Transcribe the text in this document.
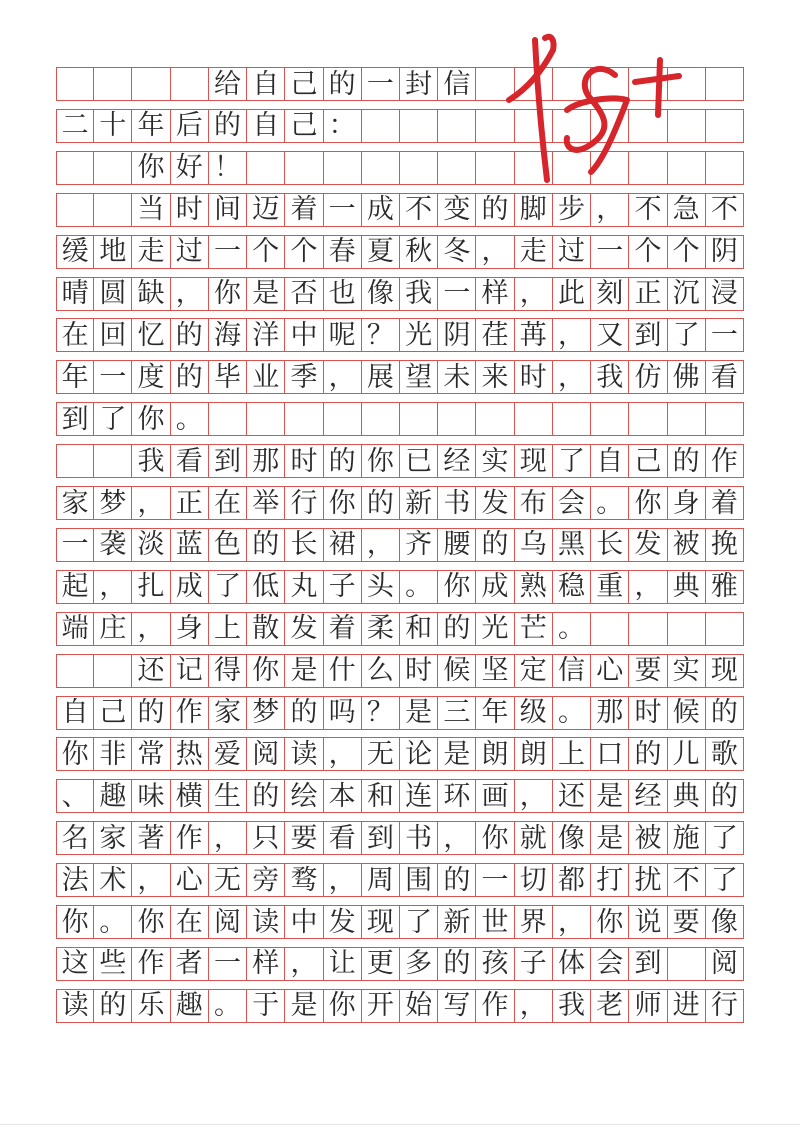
给 自 己 的 一 封 信
二 十 年 后 的 自 己 ：
你 好 ！
当 时 间 迈 着 一 成 不 变 的 脚 步 ， 不 急 不
缓 地 走 过 一 个 个 春 夏 秋 冬 ， 走 过 一 个 个 阴
晴 圆 缺 ， 你 是 否 也 像 我 一 样 ， 此 刻 正 沉 浸
在 回 忆 的 海 洋 中 呢 ？ 光 阴 荏 苒 ， 又 到 了 一
年 一 度 的 毕 业 季 ， 展 望 未 来 时 ， 我 仿 佛 看
到 了 你 。
我 看 到 那 时 的 你 已 经 实 现 了 自 己 的 作
家 梦 ， 正 在 举 行 你 的 新 书 发 布 会 。 你 身 着
一 袭 淡 蓝 色 的 长 裙 ， 齐 腰 的 乌 黑 长 发 被 挽
起 ， 扎 成 了 低 丸 子 头 。 你 成 熟 稳 重 ， 典 雅
端 庄 ， 身 上 散 发 着 柔 和 的 光 芒 。
还 记 得 你 是 什 么 时 候 坚 定 信 心 要 实 现
自 己 的 作 家 梦 的 吗 ？ 是 三 年 级 。 那 时 候 的
你 非 常 热 爱 阅 读 ， 无 论 是 朗 朗 上 口 的 儿 歌
、 趣 味 横 生 的 绘 本 和 连 环 画 ， 还 是 经 典 的
名 家 著 作 ， 只 要 看 到 书 ， 你 就 像 是 被 施 了
法 术 ， 心 无 旁 骛 ， 周 围 的 一 切 都 打 扰 不 了
你 。 你 在 阅 读 中 发 现 了 新 世 界 ， 你 说 要 像
这 些 作 者 一 样 ， 让 更 多 的 孩 子 体 会 到 阅
读 的 乐 趣 。 于 是 你 开 始 写 作 ， 我 老 师 进 行
